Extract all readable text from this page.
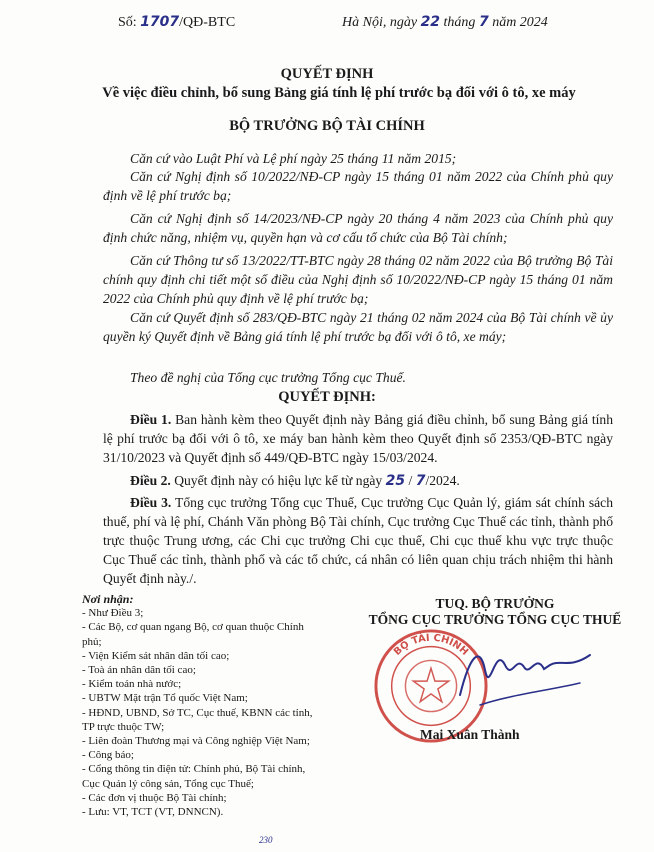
Số: 1707/QĐ-BTC	Hà Nội, ngày 22 tháng 7 năm 2024
QUYẾT ĐỊNH
Về việc điều chỉnh, bổ sung Bảng giá tính lệ phí trước bạ đối với ô tô, xe máy
BỘ TRƯỞNG BỘ TÀI CHÍNH
Căn cứ vào Luật Phí và Lệ phí ngày 25 tháng 11 năm 2015;
Căn cứ Nghị định số 10/2022/NĐ-CP ngày 15 tháng 01 năm 2022 của Chính phủ quy định về lệ phí trước bạ;
Căn cứ Nghị định số 14/2023/NĐ-CP ngày 20 tháng 4 năm 2023 của Chính phủ quy định chức năng, nhiệm vụ, quyền hạn và cơ cấu tổ chức của Bộ Tài chính;
Căn cứ Thông tư số 13/2022/TT-BTC ngày 28 tháng 02 năm 2022 của Bộ trưởng Bộ Tài chính quy định chi tiết một số điều của Nghị định số 10/2022/NĐ-CP ngày 15 tháng 01 năm 2022 của Chính phủ quy định về lệ phí trước bạ;
Căn cứ Quyết định số 283/QĐ-BTC ngày 21 tháng 02 năm 2024 của Bộ Tài chính về ủy quyền ký Quyết định về Bảng giá tính lệ phí trước bạ đối với ô tô, xe máy;
Theo đề nghị của Tổng cục trưởng Tổng cục Thuế.
QUYẾT ĐỊNH:
Điều 1. Ban hành kèm theo Quyết định này Bảng giá điều chỉnh, bổ sung Bảng giá tính lệ phí trước bạ đối với ô tô, xe máy ban hành kèm theo Quyết định số 2353/QĐ-BTC ngày 31/10/2023 và Quyết định số 449/QĐ-BTC ngày 15/03/2024.
Điều 2. Quyết định này có hiệu lực kể từ ngày 25 / 7/2024.
Điều 3. Tổng cục trưởng Tổng cục Thuế, Cục trưởng Cục Quản lý, giám sát chính sách thuế, phí và lệ phí, Chánh Văn phòng Bộ Tài chính, Cục trưởng Cục Thuế các tỉnh, thành phố trực thuộc Trung ương, các Chi cục trưởng Chi cục thuế, Chi cục thuế khu vực trực thuộc Cục Thuế các tỉnh, thành phố và các tổ chức, cá nhân có liên quan chịu trách nhiệm thi hành Quyết định này./.
Nơi nhận:
- Như Điều 3;
- Các Bộ, cơ quan ngang Bộ, cơ quan thuộc Chính phủ;
- Viện Kiểm sát nhân dân tối cao;
- Toà án nhân dân tối cao;
- Kiểm toán nhà nước;
- UBTW Mặt trận Tổ quốc Việt Nam;
- HĐND, UBND, Sở TC, Cục thuế, KBNN các tỉnh, TP trực thuộc TW;
- Liên đoàn Thương mại và Công nghiệp Việt Nam;
- Công báo;
- Cổng thông tin điện tử: Chính phủ, Bộ Tài chính, Cục Quản lý công sản, Tổng cục Thuế;
- Các đơn vị thuộc Bộ Tài chính;
- Lưu: VT, TCT (VT, DNNCN).
230
TUQ. BỘ TRƯỞNG
TỔNG CỤC TRƯỞNG TỔNG CỤC THUẾ
BỘ TÀI CHÍNH
Mai Xuân Thành
